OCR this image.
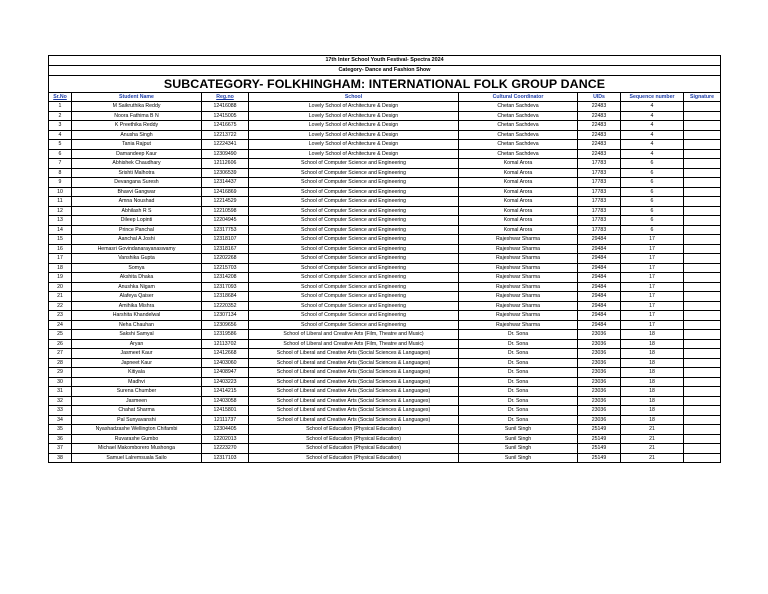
17th Inter School Youth Festival- Spectra 2024							
Category- Dance and Fashion Show							
SUBCATEGORY- FOLKHINGHAM: INTERNATIONAL FOLK GROUP DANCE							
Sr.No	Student Name	Reg.no	School	Cultural Coordinator	UIDs	Sequence number	Signature
1	M Saikruthika Reddy	12416088	Lovely School of Architecture & Design	Chetan Sachdeva	22483	4	
2	Noora Fathima B N	12415005	Lovely School of Architecture & Design	Chetan Sachdeva	22483	4	
3	K Preethika Reddy	12416675	Lovely School of Architecture & Design	Chetan Sachdeva	22483	4	
4	Anusha Singh	12213722	Lovely School of Architecture & Design	Chetan Sachdeva	22483	4	
5	Tania Rajput	12224341	Lovely School of Architecture & Design	Chetan Sachdeva	22483	4	
6	Damandeep Kaur	12309490	Lovely School of Architecture & Design	Chetan Sachdeva	22483	4	
7	Abhishek Chaudhary	12112606	School of Computer Science and Engineering	Komal Arora	17783	6	
8	Srishti Malhotra	12306539	School of Computer Science and Engineering	Komal Arora	17783	6	
9	Devangana Suresh	12314437	School of Computer Science and Engineering	Komal Arora	17783	6	
10	Bhavvi Gangwar	12416869	School of Computer Science and Engineering	Komal Arora	17783	6	
11	Amna Noushad	12214529	School of Computer Science and Engineering	Komal Arora	17783	6	
12	Abhilash R S	12210598	School of Computer Science and Engineering	Komal Arora	17783	6	
13	Dileep Lopinti	12204945	School of Computer Science and Engineering	Komal Arora	17783	6	
14	Prince Panchal	12317753	School of Computer Science and Engineering	Komal Arora	17783	6	
15	Aanchal A Joshi	12318107	School of Computer Science and Engineering	Rajeshwar Sharma	29484	17	
16	Hemasri Govindanarayanaswamy	12318167	School of Computer Science and Engineering	Rajeshwar Sharma	29484	17	
17	Vanshika Gupta	12202268	School of Computer Science and Engineering	Rajeshwar Sharma	29484	17	
18	Somya	12215703	School of Computer Science and Engineering	Rajeshwar Sharma	29484	17	
19	Akshita Dhaka	12314208	School of Computer Science and Engineering	Rajeshwar Sharma	29484	17	
20	Anushka Nigam	12317093	School of Computer Science and Engineering	Rajeshwar Sharma	29484	17	
21	Alafeya Qaiser	12318684	School of Computer Science and Engineering	Rajeshwar Sharma	29484	17	
22	Amihika Mishra	12220352	School of Computer Science and Engineering	Rajeshwar Sharma	29484	17	
23	Harshita Khandelwal	12307134	School of Computer Science and Engineering	Rajeshwar Sharma	29484	17	
24	Neha Chauhan	12309656	School of Computer Science and Engineering	Rajeshwar Sharma	29484	17	
25	Sakshi Samyal	12319586	School of Liberal and Creative Arts (Film, Theatre and Music)	Dr. Sona	23036	18	
26	Aryan	12113702	School of Liberal and Creative Arts (Film, Theatre and Music)	Dr. Sona	23036	18	
27	Jasmeet Kaur	12412668	School of Liberal and Creative Arts (Social Sciences & Languages)	Dr. Sona	23036	18	
28	Japneet Kaur	12403060	School of Liberal and Creative Arts (Social Sciences & Languages)	Dr. Sona	23036	18	
29	Kitiyala	12408947	School of Liberal and Creative Arts (Social Sciences & Languages)	Dr. Sona	23036	18	
30	Madhvi	12403223	School of Liberal and Creative Arts (Social Sciences & Languages)	Dr. Sona	23036	18	
31	Surena Chumber	12414215	School of Liberal and Creative Arts (Social Sciences & Languages)	Dr. Sona	23036	18	
32	Jasmeen	12403058	School of Liberal and Creative Arts (Social Sciences & Languages)	Dr. Sona	23036	18	
33	Chahat Sharma	12415801	School of Liberal and Creative Arts (Social Sciences & Languages)	Dr. Sona	23036	18	
34	Pal Sunyavanshi	12111737	School of Liberal and Creative Arts (Social Sciences & Languages)	Dr. Sona	23036	18	
35	Nyashadzashe Wellington Chifambi	12304405	School of Education (Physical Education)	Sunil Singh	25149	21	
36	Ruvarashe Gumbo	12202013	School of Education (Physical Education)	Sunil Singh	25149	21	
37	Michael Makomborero Mushonga	12223270	School of Education (Physical Education)	Sunil Singh	25149	21	
38	Samuel Lalremsuala Sailo	12317103	School of Education (Physical Education)	Sunil Singh	25149	21	
